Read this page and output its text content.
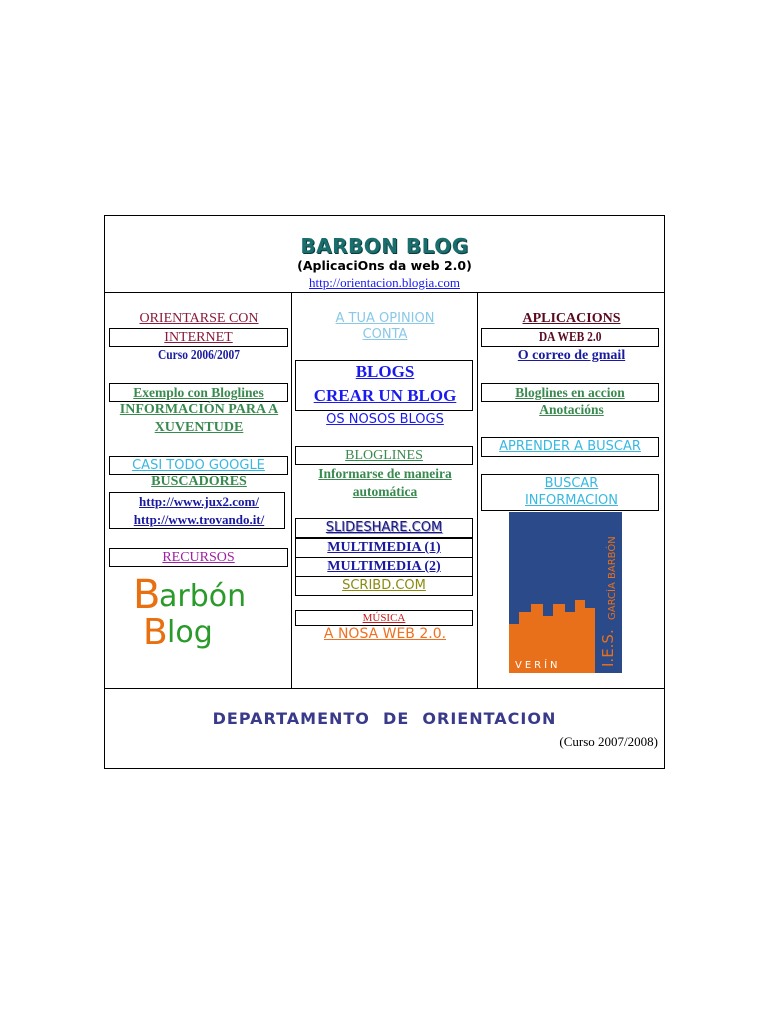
BARBON BLOG
(AplicaciOns da web 2.0)
http://orientacion.blogia.com
ORIENTARSE CON
INTERNET
Curso 2006/2007
Exemplo con Bloglines
INFORMACIÓN PARA A
XUVENTUDE
CASI TODO GOOGLE
BUSCADORES
http://www.jux2.com/
http://www.trovando.it/
RECURSOS
B
arbón
B log
A TUA OPINION
CONTA
BLOGS
CREAR UN BLOG
OS NOSOS BLOGS
BLOGLINES
Informarse de maneira
automática
SLIDESHARE.COM
MULTIMEDIA (1)
MULTIMEDIA (2)
SCRIBD.COM
MÚSICA
A NOSA WEB 2.0.
APLICACIONS
DA WEB 2.0
O correo de gmail
Bloglines en accion
Anotacións
APRENDER A BUSCAR
BUSCAR
INFORMACION
VERÍN	I.E.S.
GARCÍA BARBÓN
DEPARTAMENTO  DE  ORIENTACION
(Curso 2007/2008)
